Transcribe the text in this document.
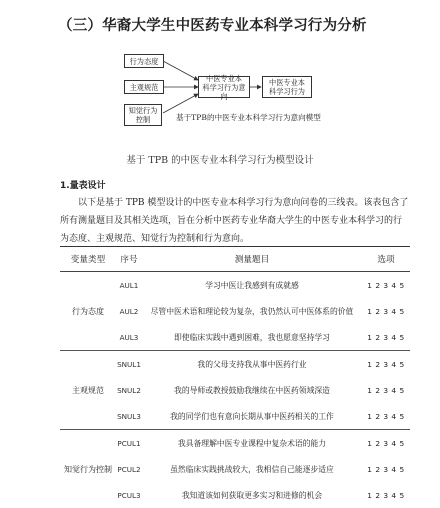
（三）华裔大学生中医药专业本科学习行为分析
行为态度
主观规范
知觉行为
控制
中医专业本
科学习行为意向
中医专业本
科学习行为
基于TPB的中医专业本科学习行为意向模型
基于 TPB 的中医专业本科学习行为模型设计
1.量表设计

以下是基于 TPB 模型设计的中医专业本科学习行为意向问卷的三线表。该表包含了所有测量题目及其相关选项，旨在分析中医药专业华裔大学生的中医专业本科学习的行为态度、主观规范、知觉行为控制和行为意向。

变量类型	序号	测量题目	选项
行为态度	AUL1	学习中医让我感到有成就感	1 2 3 4 5
	AUL2	尽管中医术语和理论较为复杂，我仍然认可中医体系的价值	1 2 3 4 5
	AUL3	即使临床实践中遇到困难，我也愿意坚持学习	1 2 3 4 5
主观规范	SNUL1	我的父母支持我从事中医药行业	1 2 3 4 5
	SNUL2	我的导师或教授鼓励我继续在中医药领域深造	1 2 3 4 5
	SNUL3	我的同学们也有意向长期从事中医药相关的工作	1 2 3 4 5
知觉行为控制	PCUL1	我具备理解中医专业课程中复杂术语的能力	1 2 3 4 5
	PCUL2	虽然临床实践挑战较大，我相信自己能逐步适应	1 2 3 4 5
	PCUL3	我知道该如何获取更多实习和进修的机会	1 2 3 4 5
